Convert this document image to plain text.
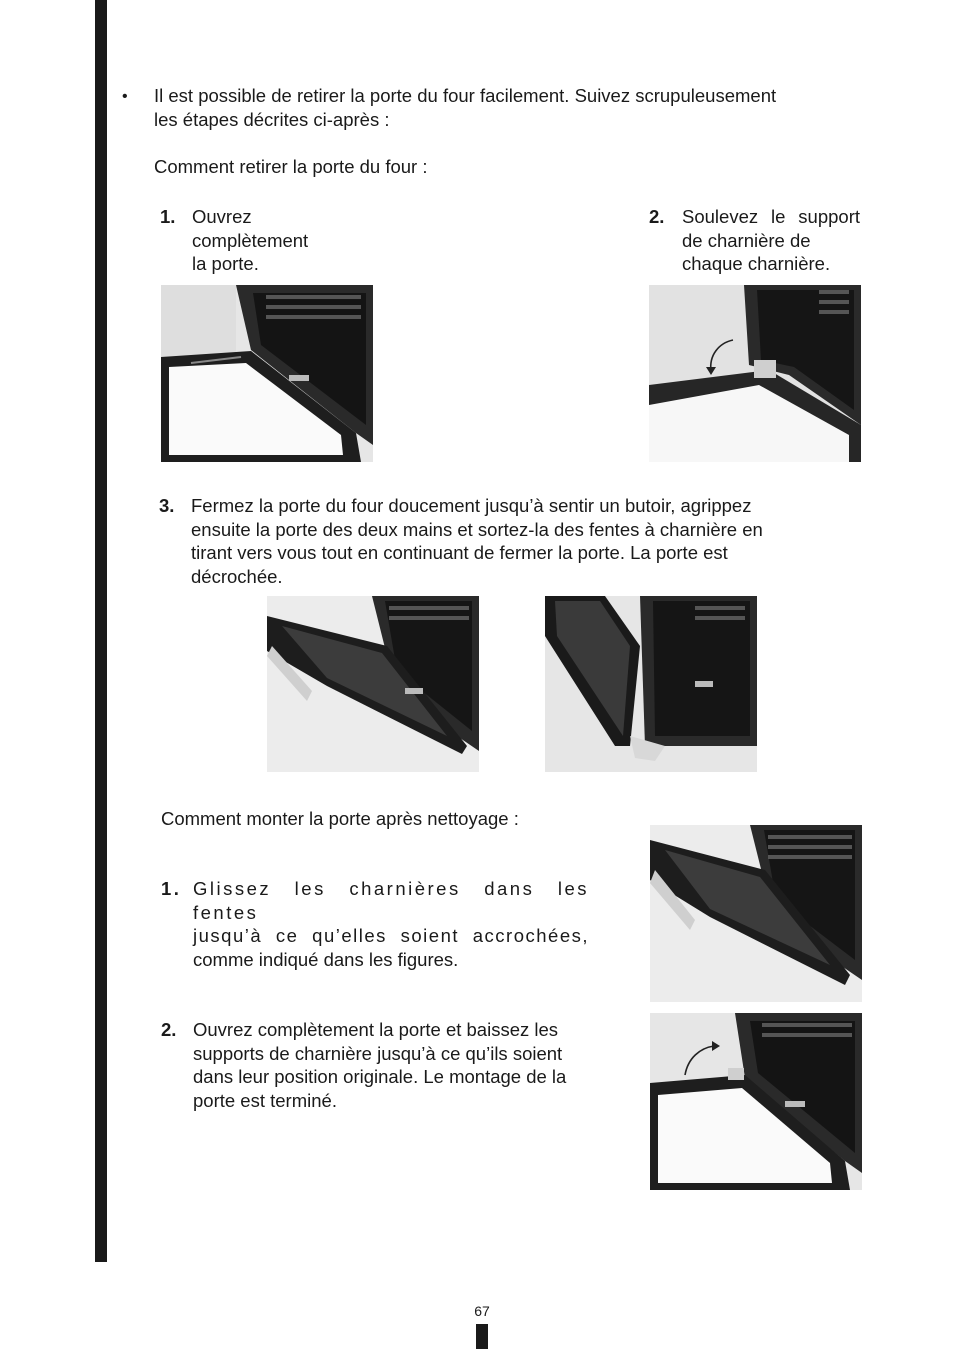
• Il est possible de retirer la porte du four facilement. Suivez scrupuleusement
les étapes décrites ci-après :

Comment retirer la porte du four :

1. Ouvrez
complètement
la porte.

2. Soulevez le support
de charnière de
chaque charnière.

3. Fermez la porte du four doucement jusqu’à sentir un butoir, agrippez
ensuite la porte des deux mains et sortez-la des fentes à charnière en
tirant vers vous tout en continuant de fermer la porte. La porte est
décrochée.

Comment monter la porte après nettoyage :

1. Glissez les charnières dans les fentes
jusqu’à ce qu’elles soient accrochées,
comme indiqué dans les figures.

2. Ouvrez complètement la porte et baissez les
supports de charnière jusqu’à ce qu’ils soient
dans leur position originale. Le montage de la
porte est terminé.

67
